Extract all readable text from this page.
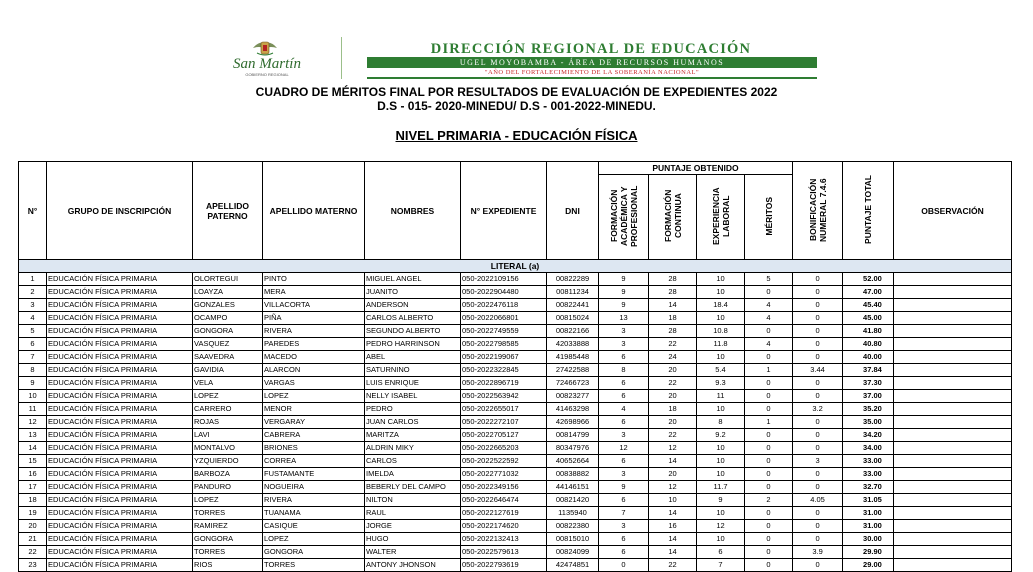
San Martín
GOBIERNO REGIONAL
DIRECCIÓN REGIONAL DE EDUCACIÓN
UGEL MOYOBAMBA - ÁREA DE RECURSOS HUMANOS
"AÑO DEL FORTALECIMIENTO DE LA SOBERANÍA NACIONAL"
CUADRO DE MÉRITOS FINAL POR RESULTADOS DE EVALUACIÓN DE EXPEDIENTES 2022
D.S - 015- 2020-MINEDU/ D.S - 001-2022-MINEDU.
NIVEL PRIMARIA - EDUCACIÓN FÍSICA
N°	GRUPO DE INSCRIPCIÓN	APELLIDO PATERNO	APELLIDO MATERNO	NOMBRES	N° EXPEDIENTE	DNI	PUNTAJE OBTENIDO				BONIFICACIÓN NUMERAL 7.4.6	PUNTAJE TOTAL	OBSERVACIÓN
							FORMACIÓN ACADÉMICA Y PROFESIONAL	FORMACIÓN CONTINUA	EXPERIENCIA LABORAL	MÉRITOS			
LITERAL (a)													
1	EDUCACIÓN FÍSICA PRIMARIA	OLORTEGUI	PINTO	MIGUEL ANGEL	050-2022109156	00822289	9	28	10	5	0	52.00	
2	EDUCACIÓN FÍSICA PRIMARIA	LOAYZA	MERA	JUANITO	050-2022904480	00811234	9	28	10	0	0	47.00	
3	EDUCACIÓN FÍSICA PRIMARIA	GONZALES	VILLACORTA	ANDERSON	050-2022476118	00822441	9	14	18.4	4	0	45.40	
4	EDUCACIÓN FÍSICA PRIMARIA	OCAMPO	PIÑA	CARLOS ALBERTO	050-2022066801	00815024	13	18	10	4	0	45.00	
5	EDUCACIÓN FÍSICA PRIMARIA	GONGORA	RIVERA	SEGUNDO ALBERTO	050-2022749559	00822166	3	28	10.8	0	0	41.80	
6	EDUCACIÓN FÍSICA PRIMARIA	VASQUEZ	PAREDES	PEDRO HARRINSON	050-2022798585	42033888	3	22	11.8	4	0	40.80	
7	EDUCACIÓN FÍSICA PRIMARIA	SAAVEDRA	MACEDO	ABEL	050-2022199067	41985448	6	24	10	0	0	40.00	
8	EDUCACIÓN FÍSICA PRIMARIA	GAVIDIA	ALARCON	SATURNINO	050-2022322845	27422588	8	20	5.4	1	3.44	37.84	
9	EDUCACIÓN FÍSICA PRIMARIA	VELA	VARGAS	LUIS ENRIQUE	050-2022896719	72466723	6	22	9.3	0	0	37.30	
10	EDUCACIÓN FÍSICA PRIMARIA	LOPEZ	LOPEZ	NELLY ISABEL	050-2022563942	00823277	6	20	11	0	0	37.00	
11	EDUCACIÓN FÍSICA PRIMARIA	CARRERO	MENOR	PEDRO	050-2022655017	41463298	4	18	10	0	3.2	35.20	
12	EDUCACIÓN FÍSICA PRIMARIA	ROJAS	VERGARAY	JUAN CARLOS	050-2022272107	42698966	6	20	8	1	0	35.00	
13	EDUCACIÓN FÍSICA PRIMARIA	LAVI	CABRERA	MARITZA	050-2022705127	00814799	3	22	9.2	0	0	34.20	
14	EDUCACIÓN FÍSICA PRIMARIA	MONTALVO	BRIONES	ALDRIN MIKY	050-2022665203	80347976	12	12	10	0	0	34.00	
15	EDUCACIÓN FÍSICA PRIMARIA	YZQUIERDO	CORREA	CARLOS	050-2022522592	40652664	6	14	10	0	3	33.00	
16	EDUCACIÓN FÍSICA PRIMARIA	BARBOZA	FUSTAMANTE	IMELDA	050-2022771032	00838882	3	20	10	0	0	33.00	
17	EDUCACIÓN FÍSICA PRIMARIA	PANDURO	NOGUEIRA	BEBERLY DEL CAMPO	050-2022349156	44146151	9	12	11.7	0	0	32.70	
18	EDUCACIÓN FÍSICA PRIMARIA	LOPEZ	RIVERA	NILTON	050-2022646474	00821420	6	10	9	2	4.05	31.05	
19	EDUCACIÓN FÍSICA PRIMARIA	TORRES	TUANAMA	RAUL	050-2022127619	1135940	7	14	10	0	0	31.00	
20	EDUCACIÓN FÍSICA PRIMARIA	RAMIREZ	CASIQUE	JORGE	050-2022174620	00822380	3	16	12	0	0	31.00	
21	EDUCACIÓN FÍSICA PRIMARIA	GONGORA	LOPEZ	HUGO	050-2022132413	00815010	6	14	10	0	0	30.00	
22	EDUCACIÓN FÍSICA PRIMARIA	TORRES	GONGORA	WALTER	050-2022579613	00824099	6	14	6	0	3.9	29.90	
23	EDUCACIÓN FÍSICA PRIMARIA	RIOS	TORRES	ANTONY JHONSON	050-2022793619	42474851	0	22	7	0	0	29.00	
